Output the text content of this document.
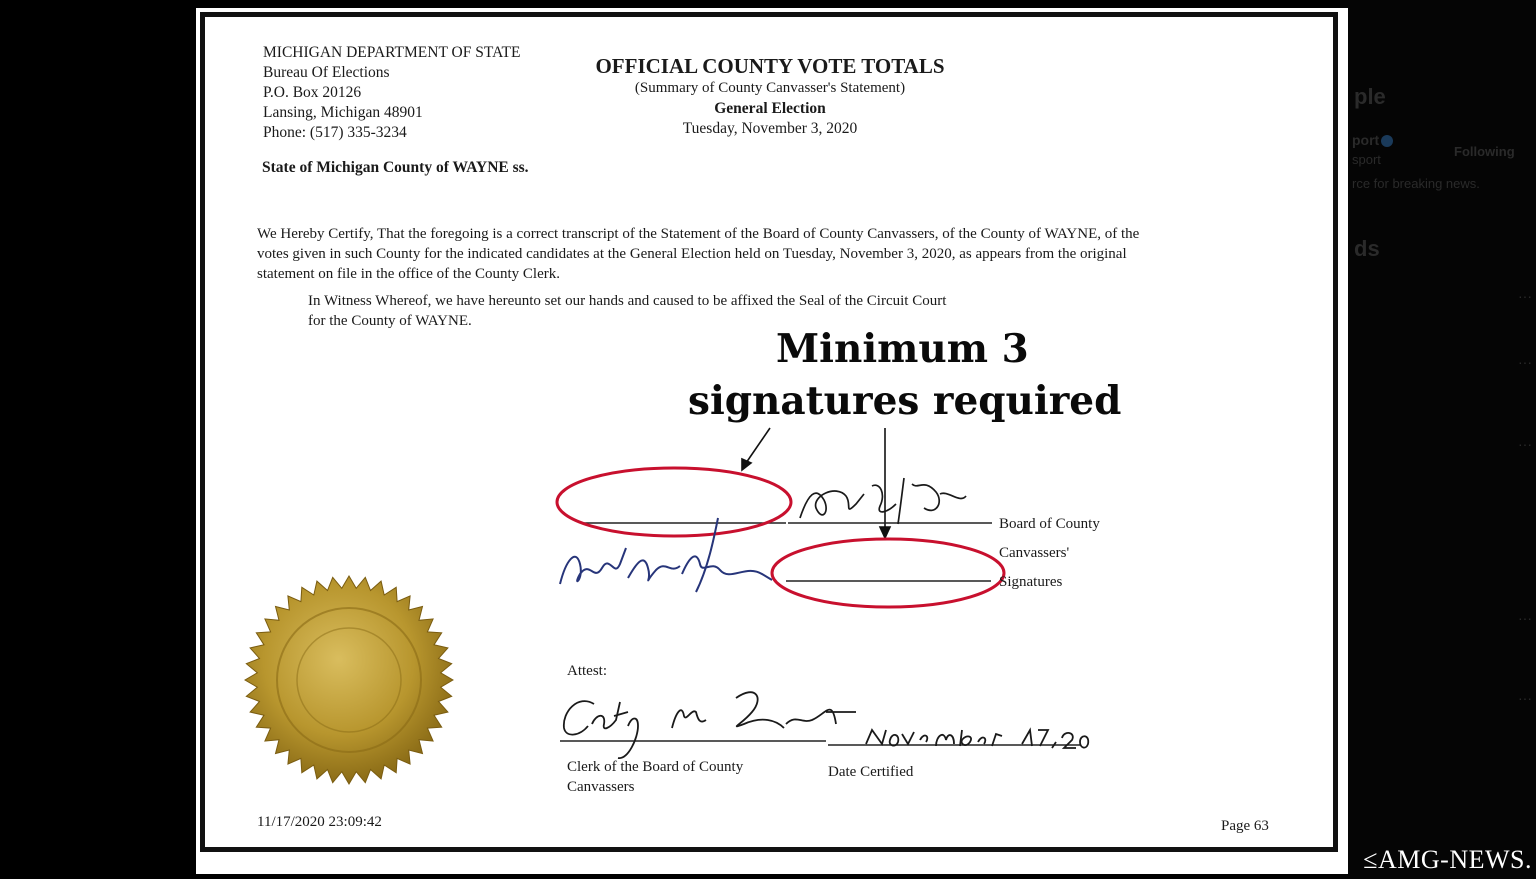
ple
port
sport
Following
rce for breaking news.
ds
···
···
···
···
···
MICHIGAN DEPARTMENT OF STATE
Bureau Of Elections
P.O. Box 20126
Lansing, Michigan 48901
Phone: (517) 335-3234
State of Michigan County of WAYNE ss.
OFFICIAL COUNTY VOTE TOTALS
(Summary of County Canvasser's Statement)
General Election
Tuesday, November 3, 2020
We Hereby Certify, That the foregoing is a correct transcript of the Statement of the Board of County Canvassers, of the County of WAYNE, of the
votes given in such County for the indicated candidates at the General Election held on Tuesday, November 3, 2020, as appears from the original
statement on file in the office of the County Clerk.
In Witness Whereof, we have hereunto set our hands and caused to be affixed the Seal of the Circuit Court
for the County of WAYNE.
Minimum 3
signatures required
Board of County
Canvassers'
Signatures
Attest:
Clerk of the Board of County
Canvassers
Date Certified
11/17/2020 23:09:42	Page 63
≤AMG-NEWS.
